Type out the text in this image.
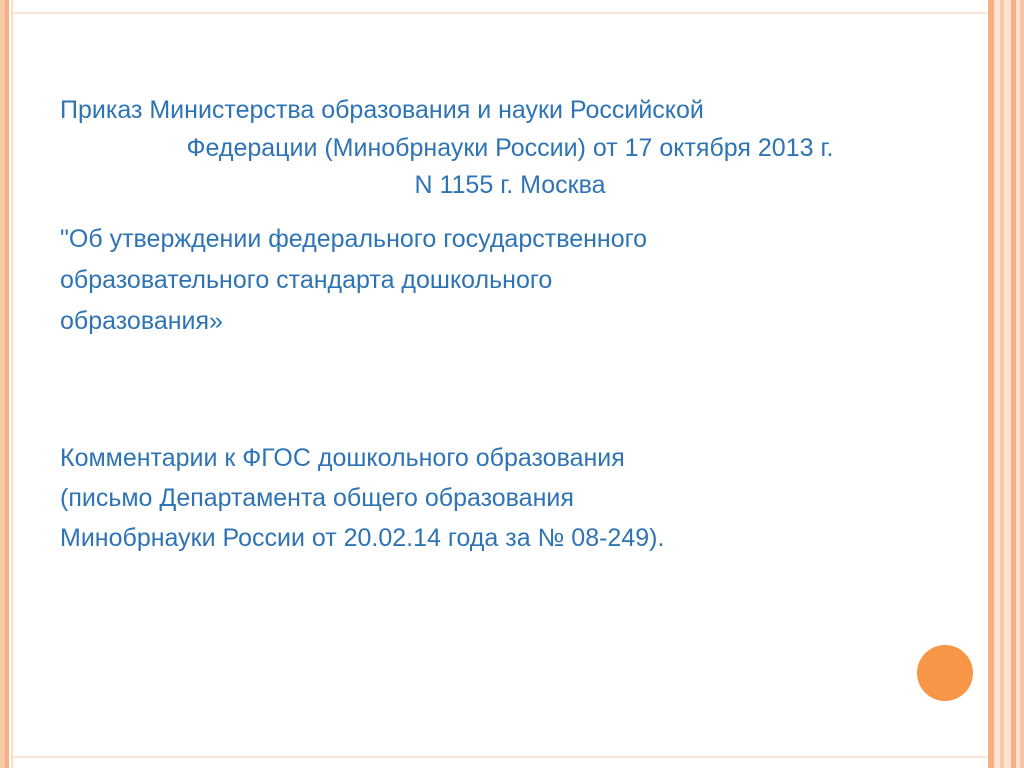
Приказ Министерства образования и науки Российской

Федерации (Минобрнауки России) от 17 октября 2013 г.

N 1155 г. Москва

"Об утверждении федерального государственного

образовательного стандарта дошкольного

образования»

Комментарии к ФГОС дошкольного образования

(письмо Департамента общего образования

Минобрнауки России от 20.02.14 года за № 08-249).
